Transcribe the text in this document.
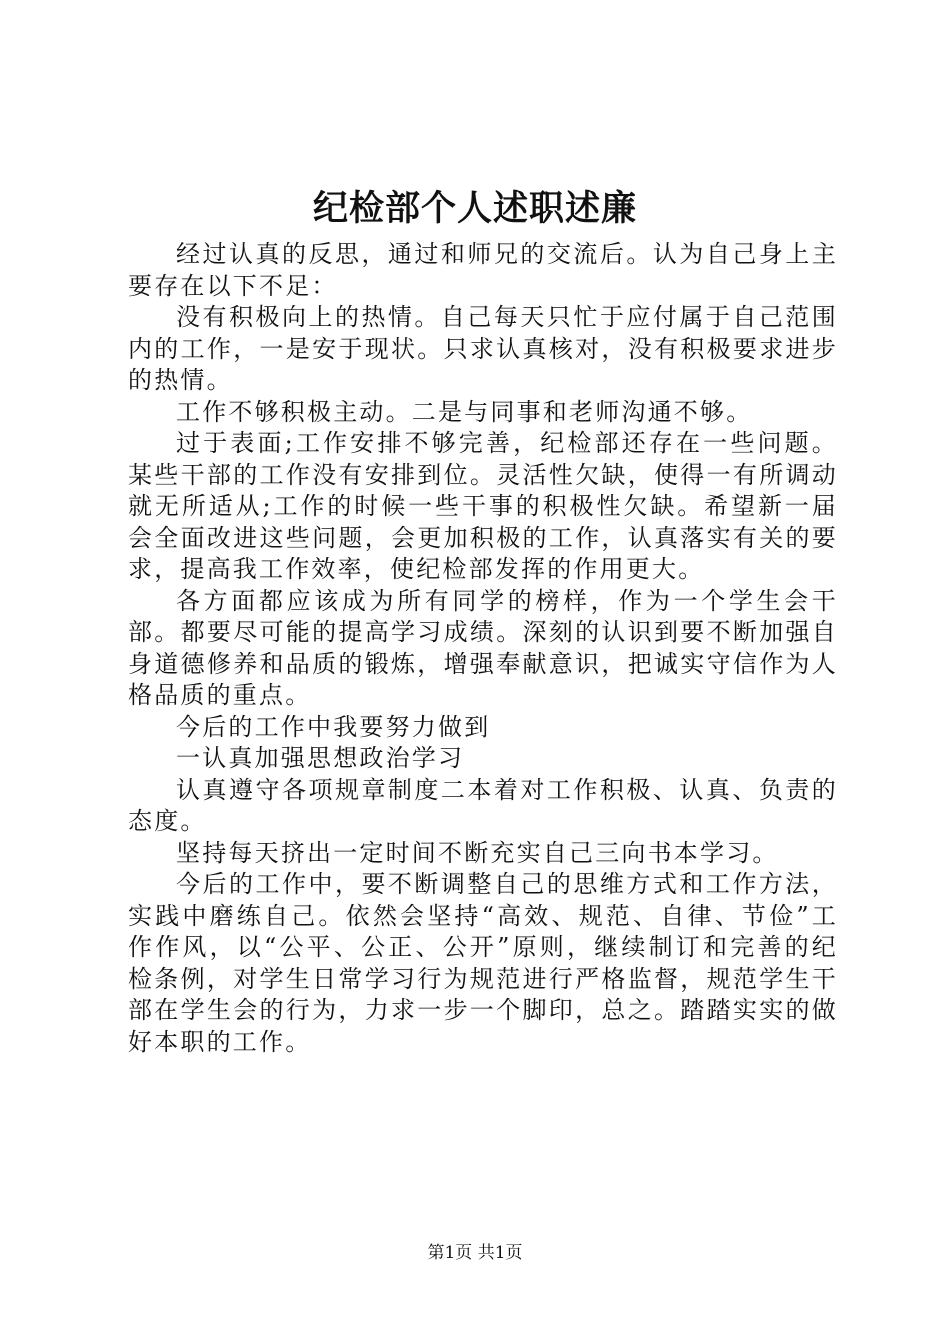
纪检部个人述职述廉

经过认真的反思，通过和师兄的交流后。认为自己身上主要存在以下不足：

没有积极向上的热情。自己每天只忙于应付属于自己范围内的工作，一是安于现状。只求认真核对，没有积极要求进步的热情。

工作不够积极主动。二是与同事和老师沟通不够。

过于表面;工作安排不够完善，纪检部还存在一些问题。某些干部的工作没有安排到位。灵活性欠缺，使得一有所调动就无所适从;工作的时候一些干事的积极性欠缺。希望新一届会全面改进这些问题，会更加积极的工作，认真落实有关的要求，提高我工作效率，使纪检部发挥的作用更大。

各方面都应该成为所有同学的榜样，作为一个学生会干部。都要尽可能的提高学习成绩。深刻的认识到要不断加强自身道德修养和品质的锻炼，增强奉献意识，把诚实守信作为人格品质的重点。

今后的工作中我要努力做到

一认真加强思想政治学习

认真遵守各项规章制度二本着对工作积极、认真、负责的态度。

坚持每天挤出一定时间不断充实自己三向书本学习。

今后的工作中，要不断调整自己的思维方式和工作方法，实践中磨练自己。依然会坚持“高效、规范、自律、节俭”工作作风，以“公平、公正、公开”原则，继续制订和完善的纪检条例，对学生日常学习行为规范进行严格监督，规范学生干部在学生会的行为，力求一步一个脚印，总之。踏踏实实的做好本职的工作。

第1页 共1页
